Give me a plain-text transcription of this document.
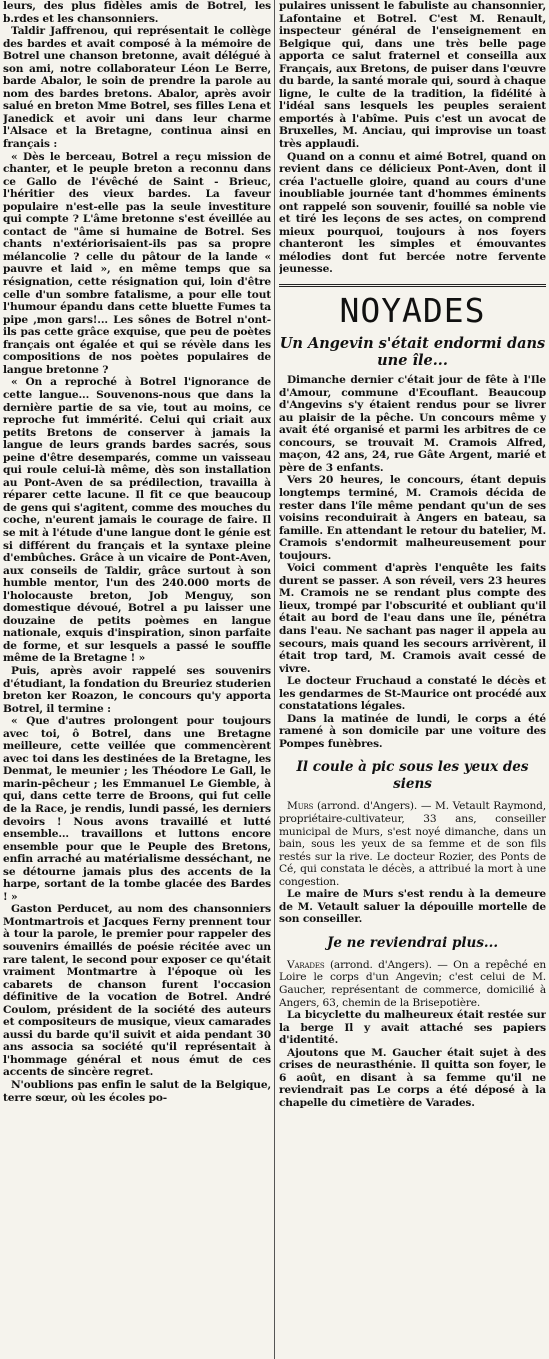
leurs, des plus fidèles amis de Botrel, les b.rdes et les chansonniers.

Taldir Jaffrenou, qui représentait le collège des bardes et avait composé à la mémoire de Botrel une chanson bretonne, avait délégué à son ami, notre collaborateur Léon Le Berre, barde Abalor, le soin de prendre la parole au nom des bardes bretons. Abalor, après avoir salué en breton Mme Botrel, ses filles Lena et Janedick et avoir uni dans leur charme l'Alsace et la Bretagne, continua ainsi en français :

« Dès le berceau, Botrel a reçu mission de chanter, et le peuple breton a reconnu dans ce Gallo de l'évêché de Saint - Brieuc, l'héritier des vieux bardes. La faveur populaire n'est-elle pas la seule investiture qui compte ? L'âme bretonne s'est éveillée au contact de "âme si humaine de Botrel. Ses chants n'extériorisaient-ils pas sa propre mélancolie ? celle du pâtour de la lande « pauvre et laid », en même temps que sa résignation, cette résignation qui, loin d'être celle d'un sombre fatalisme, a pour elle tout l'humour épandu dans cette bluette Fumes ta pipe ,mon gars!... Les sônes de Botrel n'ont-ils pas cette grâce exquise, que peu de poètes français ont égalée et qui se révèle dans les compositions de nos poètes populaires de langue bretonne ?

« On a reproché à Botrel l'ignorance de cette langue... Souvenons-nous que dans la dernière partie de sa vie, tout au moins, ce reproche fut immérité. Celui qui criait aux petits Bretons de conserver à jamais la langue de leurs grands bardes sacrés, sous peine d'être desemparés, comme un vaisseau qui roule celui-là même, dès son installation au Pont-Aven de sa prédilection, travailla à réparer cette lacune. Il fit ce que beaucoup de gens qui s'agitent, comme des mouches du coche, n'eurent jamais le courage de faire. Il se mit à l'étude d'une langue dont le génie est si différent du français et la syntaxe pleine d'embûches. Grâce à un vicaire de Pont-Aven, aux conseils de Taldir, grâce surtout à son humble mentor, l'un des 240.000 morts de l'holocauste breton, Job Menguy, son domestique dévoué, Botrel a pu laisser une douzaine de petits poèmes en langue nationale, exquis d'inspiration, sinon parfaite de forme, et sur lesquels a passé le souffle même de la Bretagne ! »

Puis, après avoir rappelé ses souvenirs d'étudiant, la fondation du Breuriez studerien breton ker Roazon, le concours qu'y apporta Botrel, il termine :

« Que d'autres prolongent pour toujours avec toi, ô Botrel, dans une Bretagne meilleure, cette veillée que commencèrent avec toi dans les destinées de la Bretagne, les Denmat, le meunier ; les Théodore Le Gall, le marin-pêcheur ; les Emmanuel Le Giemble, à qui, dans cette terre de Broons, qui fut celle de la Race, je rendis, lundi passé, les derniers devoirs ! Nous avons travaillé et lutté ensemble... travaillons et luttons encore ensemble pour que le Peuple des Bretons, enfin arraché au matérialisme desséchant, ne se détourne jamais plus des accents de la harpe, sortant de la tombe glacée des Bardes ! »

Gaston Perducet, au nom des chansonniers Montmartrois et Jacques Ferny prennent tour à tour la parole, le premier pour rappeler des souvenirs émaillés de poésie récitée avec un rare talent, le second pour exposer ce qu'était vraiment Montmartre à l'époque où les cabarets de chanson furent l'occasion définitive de la vocation de Botrel. André Coulom, président de la société des auteurs et compositeurs de musique, vieux camarades aussi du barde qu'il suivit et aida pendant 30 ans associa sa société qu'il représentait à l'hommage général et nous émut de ces accents de sincère regret.

N'oublions pas enfin le salut de la Belgique, terre sœur, où les écoles po-

pulaires unissent le fabuliste au chansonnier, Lafontaine et Botrel. C'est M. Renault, inspecteur général de l'enseignement en Belgique qui, dans une très belle page apporta ce salut fraternel et conseilla aux Français, aux Bretons, de puiser dans l'œuvre du barde, la santé morale qui, sourd à chaque ligne, le culte de la tradition, la fidélité à l'idéal sans lesquels les peuples seraient emportés à l'abîme. Puis c'est un avocat de Bruxelles, M. Anciau, qui improvise un toast très applaudi.

Quand on a connu et aimé Botrel, quand on revient dans ce délicieux Pont-Aven, dont il créa l'actuelle gloire, quand au cours d'une inoubliable journée tant d'hommes éminents ont rappelé son souvenir, fouillé sa noble vie et tiré les leçons de ses actes, on comprend mieux pourquoi, toujours à nos foyers chanteront les simples et émouvantes mélodies dont fut bercée notre fervente jeunesse.

NOYADES
Un Angevin s'était endormi dans une île...

Dimanche dernier c'était jour de fête à l'Ile d'Amour, commune d'Ecouflant. Beaucoup d'Angevins s'y étaient rendus pour se livrer au plaisir de la pêche. Un concours même y avait été organisé et parmi les arbitres de ce concours, se trouvait M. Cramois Alfred, maçon, 42 ans, 24, rue Gâte Argent, marié et père de 3 enfants.

Vers 20 heures, le concours, étant depuis longtemps terminé, M. Cramois décida de rester dans l'île même pendant qu'un de ses voisins reconduirait à Angers en bateau, sa famille. En attendant le retour du batelier, M. Cramois s'endormit malheureusement pour toujours.

Voici comment d'après l'enquête les faits durent se passer. A son réveil, vers 23 heures M. Cramois ne se rendant plus compte des lieux, trompé par l'obscurité et oubliant qu'il était au bord de l'eau dans une île, pénétra dans l'eau. Ne sachant pas nager il appela au secours, mais quand les secours arrivèrent, il était trop tard, M. Cramois avait cessé de vivre.

Le docteur Fruchaud a constaté le décès et les gendarmes de St-Maurice ont procédé aux constatations légales.

Dans la matinée de lundi, le corps a été ramené à son domicile par une voiture des Pompes funèbres.

Il coule à pic sous les yeux des siens

Murs (arrond. d'Angers). — M. Vetault Raymond, propriétaire-cultivateur, 33 ans, conseiller municipal de Murs, s'est noyé dimanche, dans un bain, sous les yeux de sa femme et de son fils restés sur la rive. Le docteur Rozier, des Ponts de Cé, qui constata le décès, a attribué la mort à une congestion.

Le maire de Murs s'est rendu à la demeure de M. Vetault saluer la dépouille mortelle de son conseiller.

Je ne reviendrai plus...

Varades (arrond. d'Angers). — On a repêché en Loire le corps d'un Angevin; c'est celui de M. Gaucher, représentant de commerce, domicilié à Angers, 63, chemin de la Brisepotière.

La bicyclette du malheureux était restée sur la berge Il y avait attaché ses papiers d'identité.

Ajoutons que M. Gaucher était sujet à des crises de neurasthénie. Il quitta son foyer, le 6 août, en disant à sa femme qu'il ne reviendrait pas Le corps a été déposé à la chapelle du cimetière de Varades.
